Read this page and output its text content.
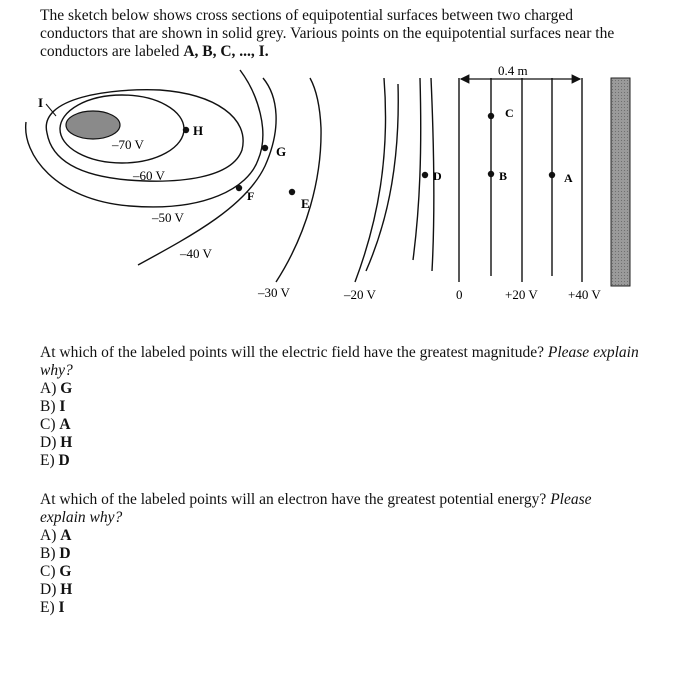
The sketch below shows cross sections of equipotential surfaces between two charged
conductors that are shown in solid grey. Various points on the equipotential surfaces near the
conductors are labeled A, B, C, ..., I.
0.4 m
–70 V
–60 V
–50 V
–40 V
–30 V	–20 V	0	+20 V +40 V
I
H
G
F	E
D
C
B	A
At which of the labeled points will the electric field have the greatest magnitude? Please explain
why?
A) G
B) I
C) A
D) H
E) D
At which of the labeled points will an electron have the greatest potential energy? Please
explain why?
A) A
B) D
C) G
D) H
E) I
